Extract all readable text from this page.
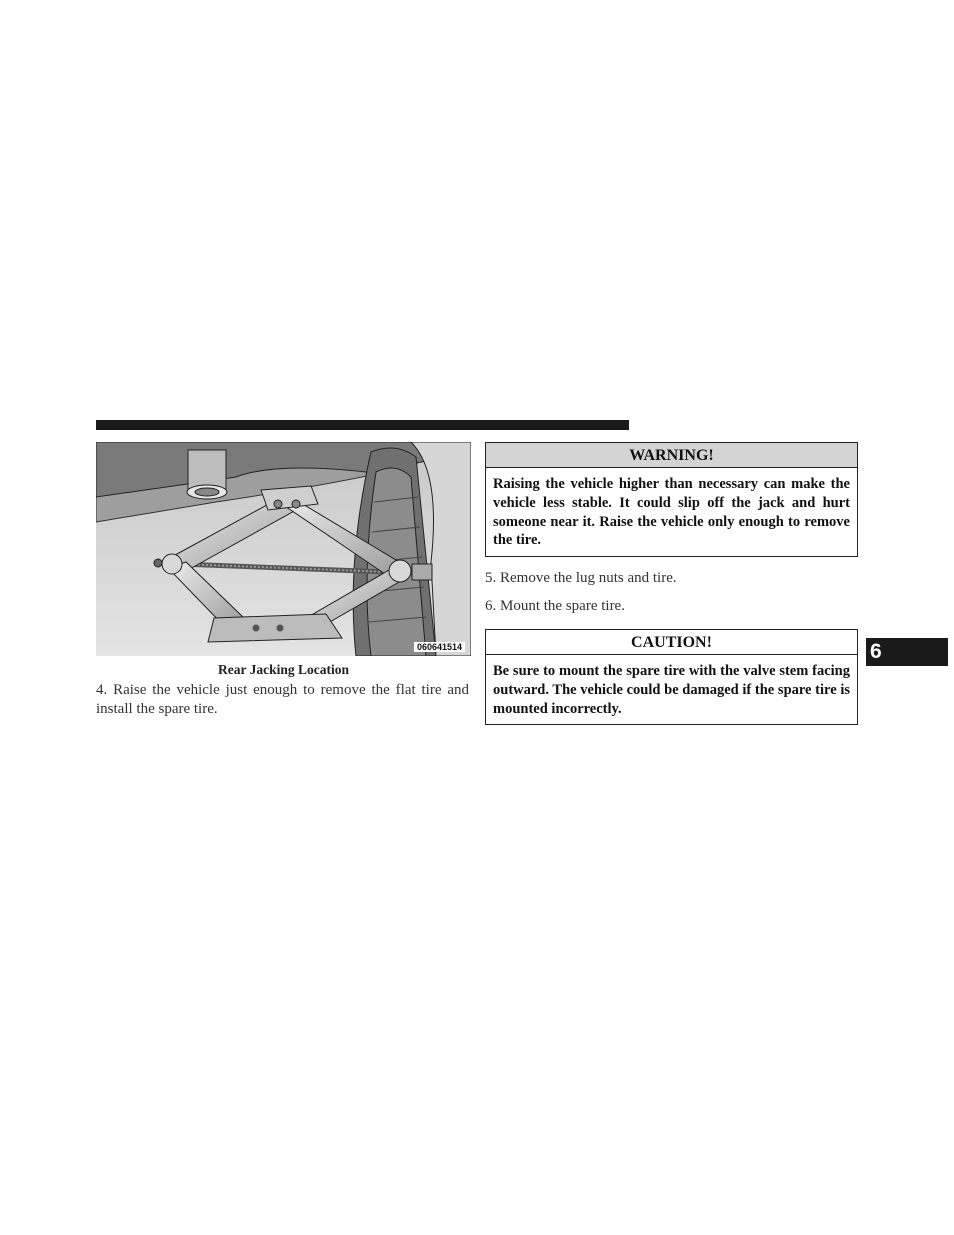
060641514
Rear Jacking Location
4. Raise the vehicle just enough to remove the flat tire and install the spare tire.
WARNING!
Raising the vehicle higher than necessary can make the vehicle less stable. It could slip off the jack and hurt someone near it. Raise the vehicle only enough to remove the tire.
5. Remove the lug nuts and tire.
6. Mount the spare tire.
CAUTION!
Be sure to mount the spare tire with the valve stem facing outward. The vehicle could be damaged if the spare tire is mounted incorrectly.
6
